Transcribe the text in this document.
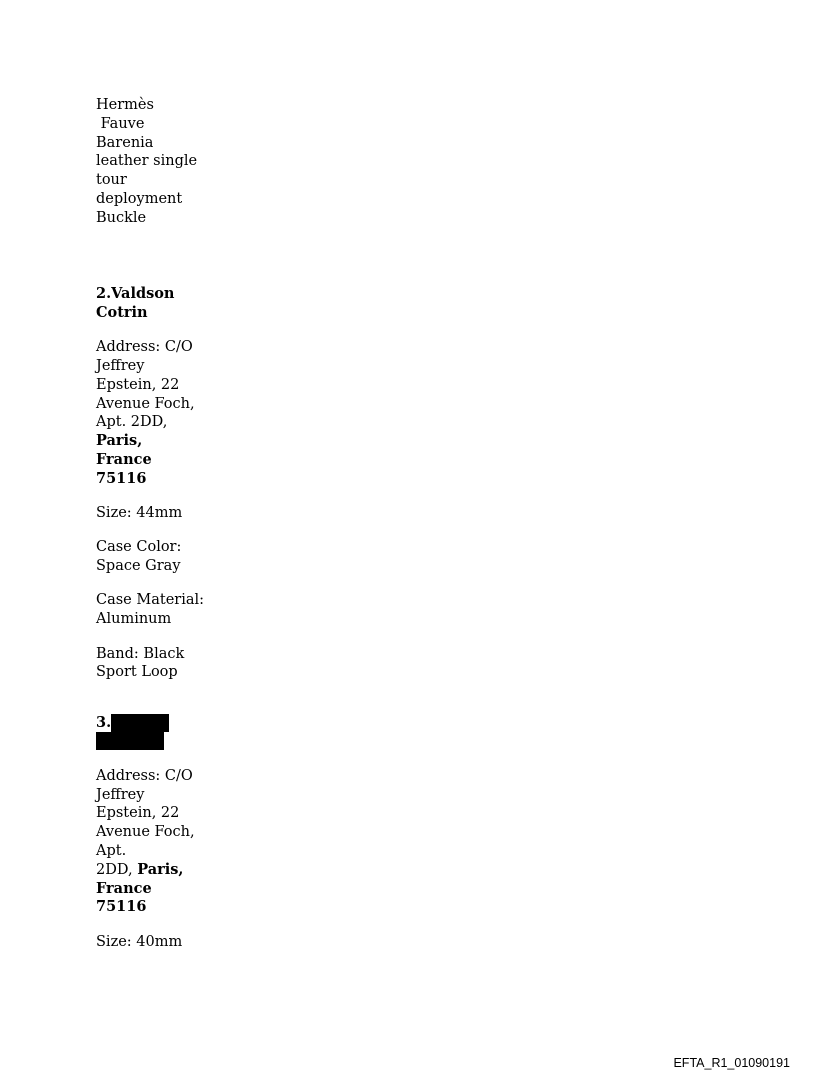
Hermès

Fauve

Barenia

leather single

tour

deployment

Buckle

2.Valdson

Cotrin

Address: C/O

Jeffrey

Epstein, 22

Avenue Foch,

Apt. 2DD,

Paris,

France

75116

Size: 44mm

Case Color:

Space Gray

Case Material:

Aluminum

Band: Black

Sport Loop

3.

Address: C/O

Jeffrey

Epstein, 22

Avenue Foch,

Apt.

2DD, Paris,

France

75116

Size: 40mm

EFTA_R1_01090191
